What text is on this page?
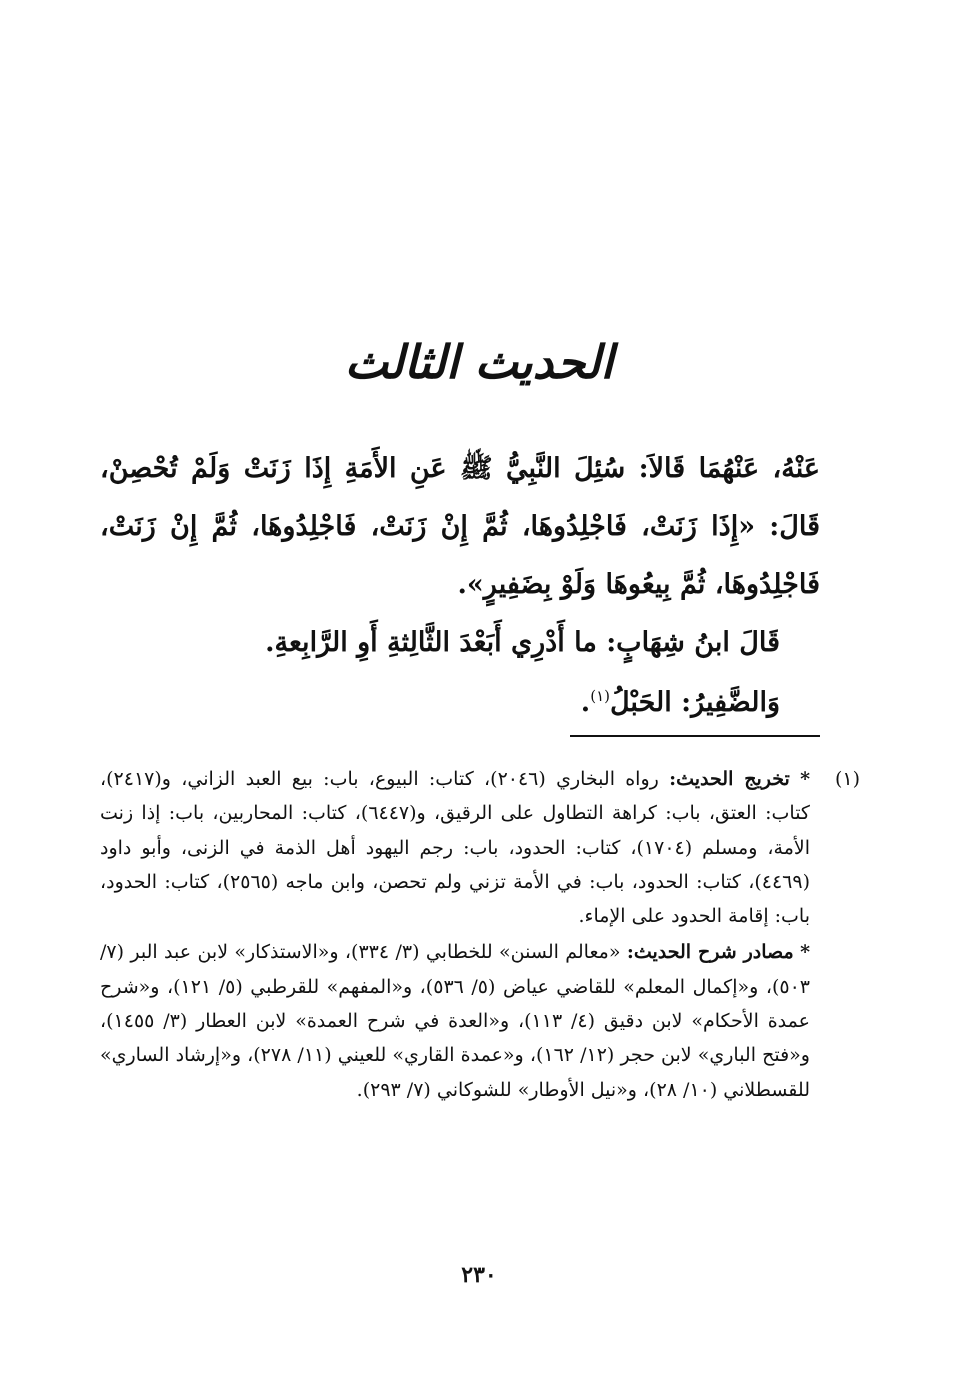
الحديث الثالث

عَنْهُ، عَنْهُمَا قَالاَ: سُئِلَ النَّبِيُّ ﷺ عَنِ الأَمَةِ إِذَا زَنَتْ وَلَمْ تُحْصِنْ، قَالَ: «إِذَا زَنَتْ، فَاجْلِدُوهَا، ثُمَّ إِنْ زَنَتْ، فَاجْلِدُوهَا، ثُمَّ إِنْ زَنَتْ، فَاجْلِدُوهَا، ثُمَّ بِيعُوهَا وَلَوْ بِضَفِيرٍ».

قَالَ ابنُ شِهَابٍ: ما أَدْرِي أَبَعْدَ الثَّالِثةِ أَوِ الرَّابِعةِ.

وَالضَّفِيرُ: الحَبْلُ$^{(١)}$.

(١)

* تخريج الحديث: رواه البخاري (٢٠٤٦)، كتاب: البيوع، باب: بيع العبد الزاني، و(٢٤١٧)، كتاب: العتق، باب: كراهة التطاول على الرقيق، و(٦٤٤٧)، كتاب: المحاربين، باب: إذا زنت الأمة، ومسلم (١٧٠٤)، كتاب: الحدود، باب: رجم اليهود أهل الذمة في الزنى، وأبو داود (٤٤٦٩)، كتاب: الحدود، باب: في الأمة تزني ولم تحصن، وابن ماجه (٢٥٦٥)، كتاب: الحدود، باب: إقامة الحدود على الإماء.

* مصادر شرح الحديث: «معالم السنن» للخطابي (٣/ ٣٣٤)، و«الاستذكار» لابن عبد البر (٧/ ٥٠٣)، و«إكمال المعلم» للقاضي عياض (٥/ ٥٣٦)، و«المفهم» للقرطبي (٥/ ١٢١)، و«شرح عمدة الأحكام» لابن دقيق (٤/ ١١٣)، و«العدة في شرح العمدة» لابن العطار (٣/ ١٤٥٥)، و«فتح الباري» لابن حجر (١٢/ ١٦٢)، و«عمدة القاري» للعيني (١١/ ٢٧٨)، و«إرشاد الساري» للقسطلاني (١٠/ ٢٨)، و«نيل الأوطار» للشوكاني (٧/ ٢٩٣).

٢٣٠
